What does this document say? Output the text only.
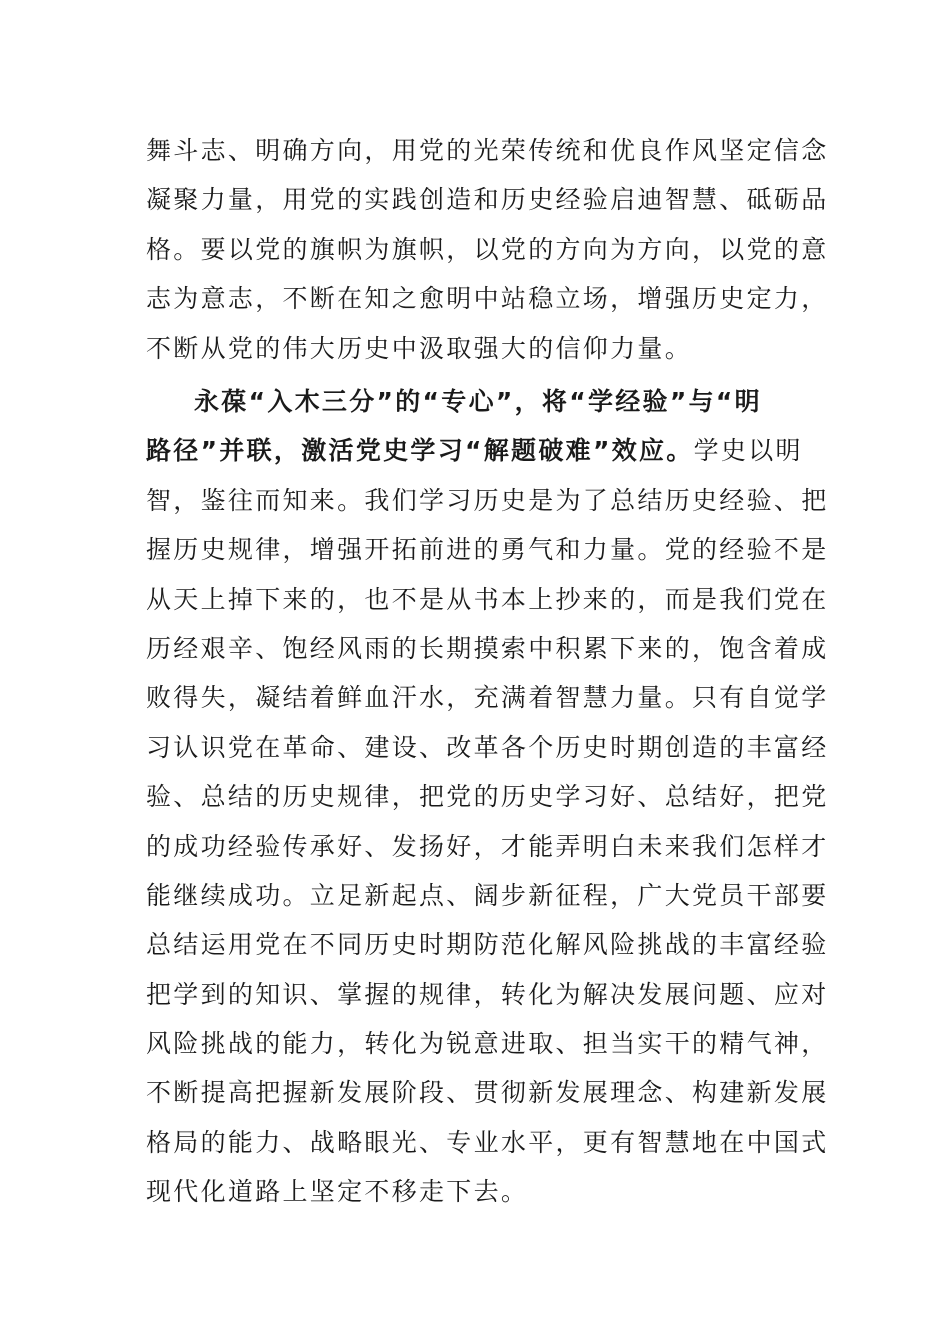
舞斗志、明确方向，用党的光荣传统和优良作风坚定信念
凝聚力量，用党的实践创造和历史经验启迪智慧、砥砺品
格。要以党的旗帜为旗帜，以党的方向为方向，以党的意
志为意志，不断在知之愈明中站稳立场，增强历史定力，
不断从党的伟大历史中汲取强大的信仰力量。
永葆“入木三分”的“专心”，将“学经验”与“明
路径”并联，激活党史学习“解题破难”效应。学史以明
智，鉴往而知来。我们学习历史是为了总结历史经验、把
握历史规律，增强开拓前进的勇气和力量。党的经验不是
从天上掉下来的，也不是从书本上抄来的，而是我们党在
历经艰辛、饱经风雨的长期摸索中积累下来的，饱含着成
败得失，凝结着鲜血汗水，充满着智慧力量。只有自觉学
习认识党在革命、建设、改革各个历史时期创造的丰富经
验、总结的历史规律，把党的历史学习好、总结好，把党
的成功经验传承好、发扬好，才能弄明白未来我们怎样才
能继续成功。立足新起点、阔步新征程，广大党员干部要
总结运用党在不同历史时期防范化解风险挑战的丰富经验
把学到的知识、掌握的规律，转化为解决发展问题、应对
风险挑战的能力，转化为锐意进取、担当实干的精气神，
不断提高把握新发展阶段、贯彻新发展理念、构建新发展
格局的能力、战略眼光、专业水平，更有智慧地在中国式
现代化道路上坚定不移走下去。
